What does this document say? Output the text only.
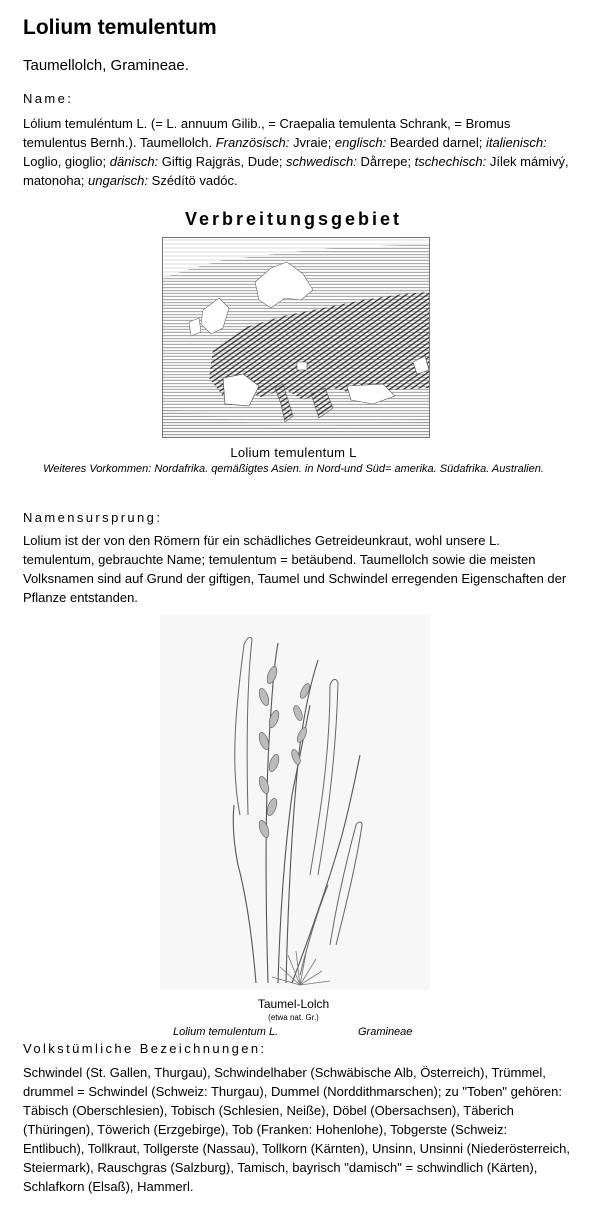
Lolium temulentum
Taumellolch, Gramineae.
Name:
Lólium temuléntum L. (= L. annuum Gilib., = Craepalia temulenta Schrank, = Bromus temulentus Bernh.). Taumellolch. Französisch: Jvraie; englisch: Bearded darnel; italienisch: Loglio, gioglio; dänisch: Giftig Rajgräs, Dude; schwedisch: Dårrepe; tschechisch: Jílek mámivý, matonoha; ungarisch: Szédítö vadóc.
Verbreitungsgebiet
Lolium temulentum L
Weiteres Vorkommen: Nordafrika. qemäßigtes Asien. in Nord-und Süd= amerika. Südafrika. Australien.
Namensursprung:
Lolium ist der von den Römern für ein schädliches Getreideunkraut, wohl unsere L. temulentum, gebrauchte Name; temulentum = betäubend. Taumellolch sowie die meisten Volksnamen sind auf Grund der giftigen, Taumel und Schwindel erregenden Eigenschaften der Pflanze entstanden.
Taumel-Lolch
(etwa nat. Gr.)
Lolium temulentum L.	Gramineae
Volkstümliche Bezeichnungen:
Schwindel (St. Gallen, Thurgau), Schwindelhaber (Schwäbische Alb, Österreich), Trümmel, drummel = Schwindel (Schweiz: Thurgau), Dummel (Norddithmarschen); zu "Toben" gehören: Täbisch (Oberschlesien), Tobisch (Schlesien, Neiße), Döbel (Obersachsen), Täberich (Thüringen), Töwerich (Erzgebirge), Tob (Franken: Hohenlohe), Tobgerste (Schweiz: Entlibuch), Tollkraut, Tollgerste (Nassau), Tollkorn (Kärnten), Unsinn, Unsinni (Niederösterreich, Steiermark), Rauschgras (Salzburg), Tamisch, bayrisch "damisch" = schwindlich (Kärten), Schlafkorn (Elsaß), Hammerl.
